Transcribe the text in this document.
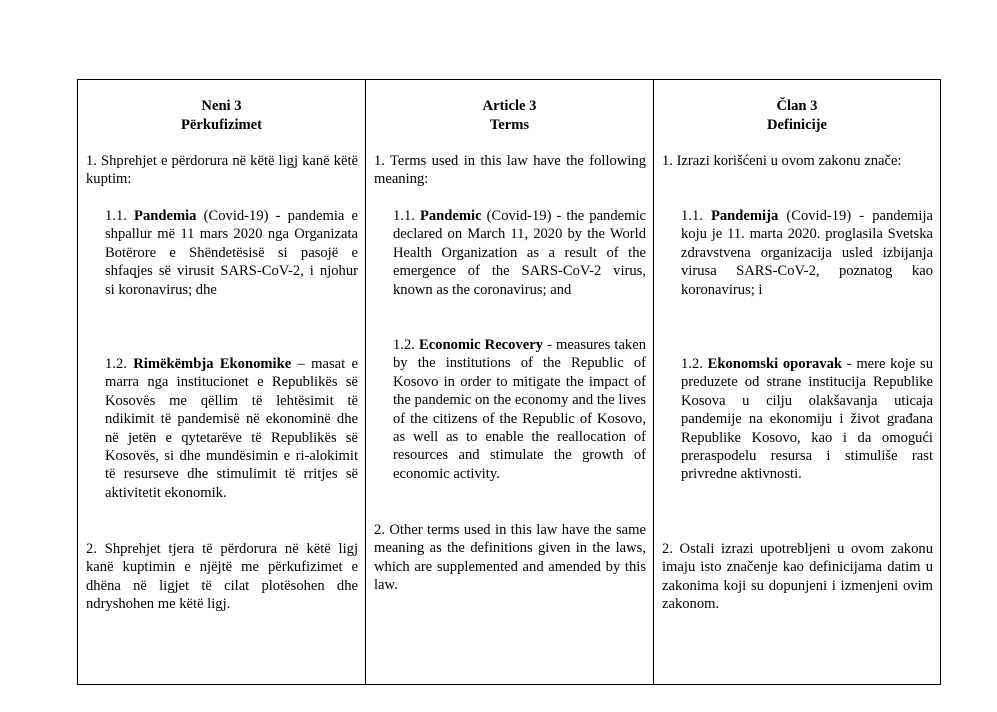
Neni 3
Përkufizimet
1. Shprehjet e përdorura në këtë ligj kanë këtë kuptim:
1.1. Pandemia (Covid-19) - pandemia e shpallur më 11 mars 2020 nga Organizata Botërore e Shëndetësisë si pasojë e shfaqjes së virusit SARS-CoV-2, i njohur si koronavirus; dhe
1.2. Rimëkëmbja Ekonomike – masat e marra nga institucionet e Republikës së Kosovës me qëllim të lehtësimit të ndikimit të pandemisë në ekonominë dhe në jetën e qytetarëve të Republikës së Kosovës, si dhe mundësimin e ri-alokimit të resurseve dhe stimulimit të rritjes së aktivitetit ekonomik.
2. Shprehjet tjera të përdorura në këtë ligj kanë kuptimin e njëjtë me përkufizimet e dhëna në ligjet të cilat plotësohen dhe ndryshohen me këtë ligj.
Article 3
Terms
1. Terms used in this law have the following meaning:
1.1. Pandemic (Covid-19) - the pandemic declared on March 11, 2020 by the World Health Organization as a result of the emergence of the SARS-CoV-2 virus, known as the coronavirus; and
1.2. Economic Recovery - measures taken by the institutions of the Republic of Kosovo in order to mitigate the impact of the pandemic on the economy and the lives of the citizens of the Republic of Kosovo, as well as to enable the reallocation of resources and stimulate the growth of economic activity.
2. Other terms used in this law have the same meaning as the definitions given in the laws, which are supplemented and amended by this law.
Član 3
Definicije
1. Izrazi korišćeni u ovom zakonu znače:
1.1. Pandemija (Covid-19) - pandemija koju je 11. marta 2020. proglasila Svetska zdravstvena organizacija usled izbijanja virusa SARS-CoV-2, poznatog kao koronavirus; i
1.2. Ekonomski oporavak - mere koje su preduzete od strane institucija Republike Kosova u cilju olakšavanja uticaja pandemije na ekonomiju i život građana Republike Kosovo, kao i da omogući preraspodelu resursa i stimuliše rast privredne aktivnosti.
2. Ostali izrazi upotrebljeni u ovom zakonu imaju isto značenje kao definicijama datim u zakonima koji su dopunjeni i izmenjeni ovim zakonom.
